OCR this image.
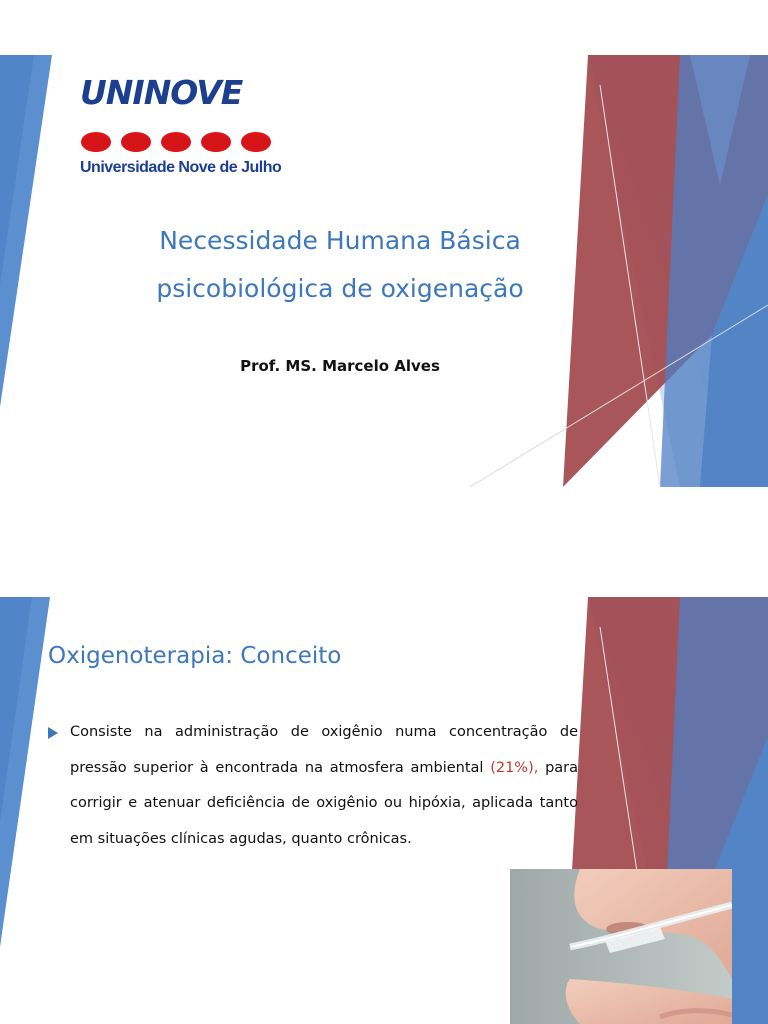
UNINOVE

Universidade Nove de Julho

Necessidade Humana Básica
psicobiológica de oxigenação

Prof. MS. Marcelo Alves

Oxigenoterapia: Conceito

Consiste na administração de oxigênio numa concentração de pressão superior à encontrada na atmosfera ambiental (21%), para corrigir e atenuar deficiência de oxigênio ou hipóxia, aplicada tanto em situações clínicas agudas, quanto crônicas.
